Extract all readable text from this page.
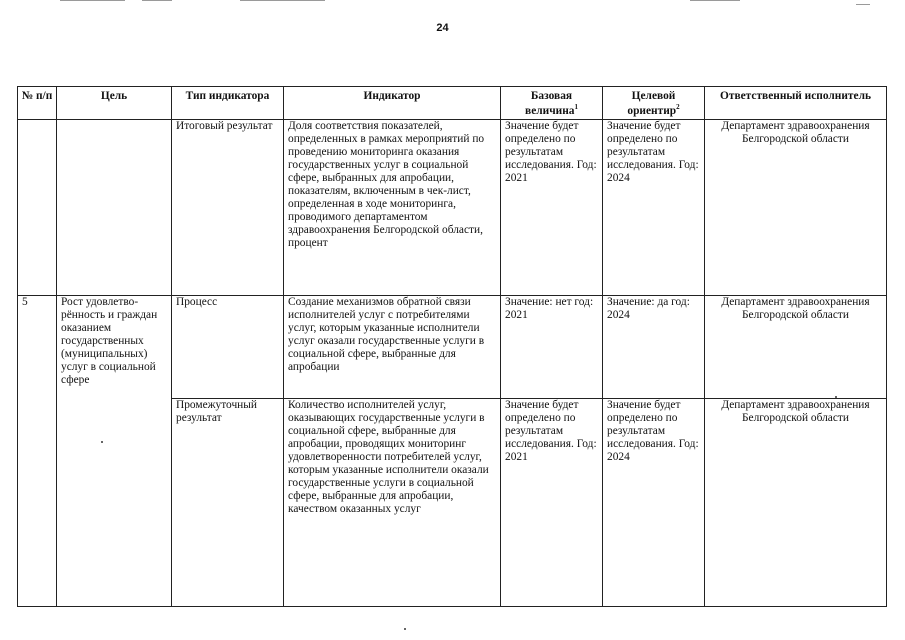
24
№ п/п	Цель	Тип индикатора	Индикатор	Базовая величина$^1$	Целевой ориентир$^2$	Ответственный исполнитель
		Итоговый результат	Доля соответствия показателей, определенных в рамках мероприятий по проведению мониторинга оказания государственных услуг в социальной сфере, выбранных для апробации, показателям, включенным в чек-лист, определенная в ходе мониторинга, проводимого департаментом здравоохранения Белгородской области, процент	Значение будет определено по результатам исследования. Год: 2021	Значение будет определено по результатам исследования. Год: 2024	Департамент здравоохранения Белгородской области
5	Рост удовлетво-рённость и граждан оказанием государственных (муниципальных) услуг в социальной сфере	Процесс	Создание механизмов обратной связи исполнителей услуг с потребителями услуг, которым указанные исполнители услуг оказали государственные услуги в социальной сфере, выбранные для апробации	Значение: нет год: 2021	Значение: да год: 2024	Департамент здравоохранения Белгородской области
		Промежуточный результат	Количество исполнителей услуг, оказывающих государственные услуги в социальной сфере, выбранные для апробации, проводящих мониторинг удовлетворенности потребителей услуг, которым указанные исполнители оказали государственные услуги в социальной сфере, выбранные для апробации, качеством оказанных услуг	Значение будет определено по результатам исследования. Год: 2021	Значение будет определено по результатам исследования. Год: 2024	Департамент здравоохранения Белгородской области
